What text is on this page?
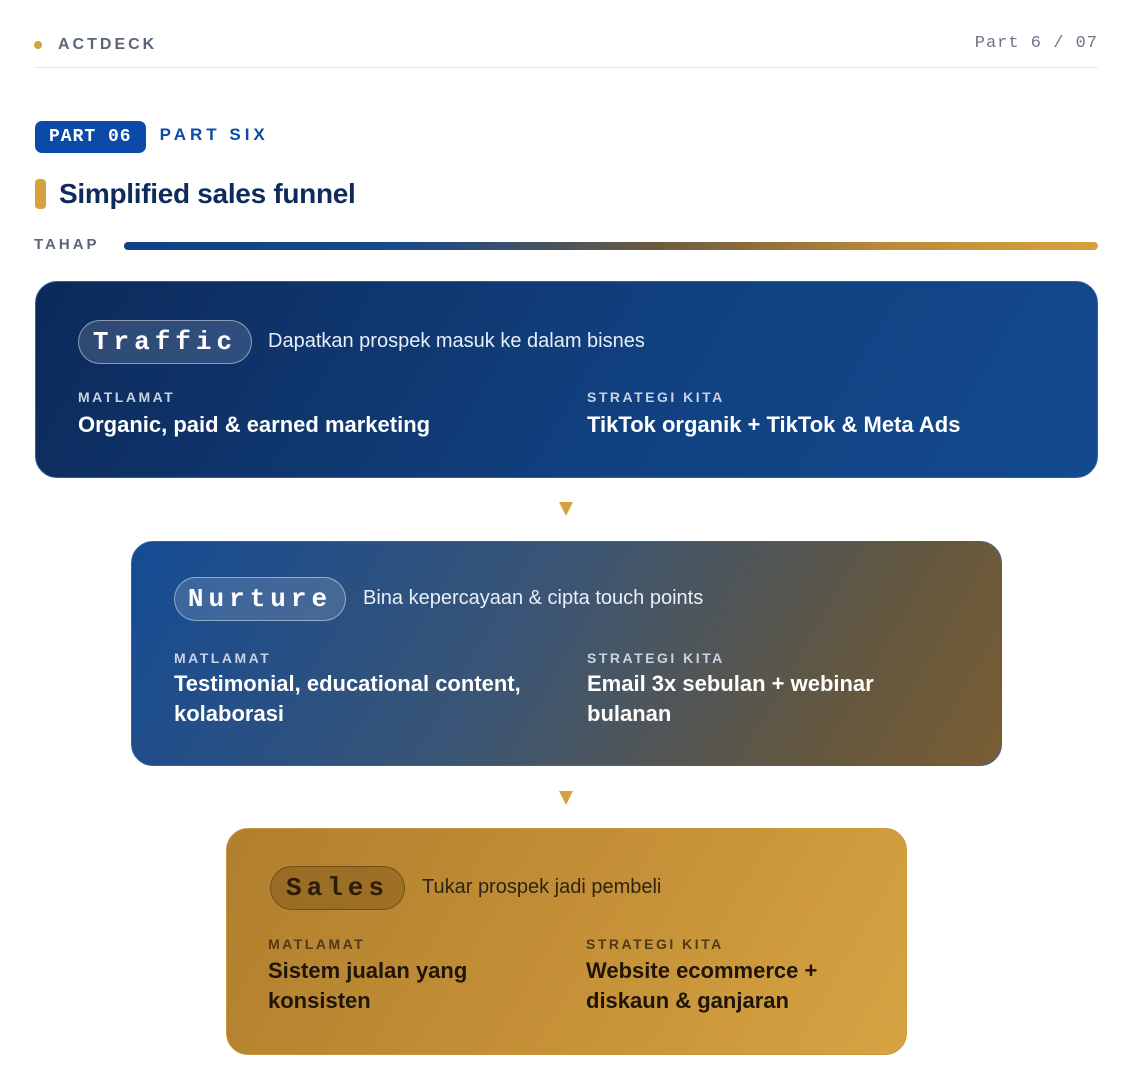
ACTDECK	Part 6 / 07
PART 06	PART SIX
Simplified sales funnel
TAHAP
Traffic	Dapatkan prospek masuk ke dalam bisnes
MATLAMAT
Organic, paid & earned marketing
STRATEGI KITA
TikTok organik + TikTok & Meta Ads
Nurture	Bina kepercayaan & cipta touch points
MATLAMAT
Testimonial, educational content, kolaborasi
STRATEGI KITA
Email 3x sebulan + webinar bulanan
Sales	Tukar prospek jadi pembeli
MATLAMAT
Sistem jualan yang konsisten
STRATEGI KITA
Website ecommerce + diskaun & ganjaran
